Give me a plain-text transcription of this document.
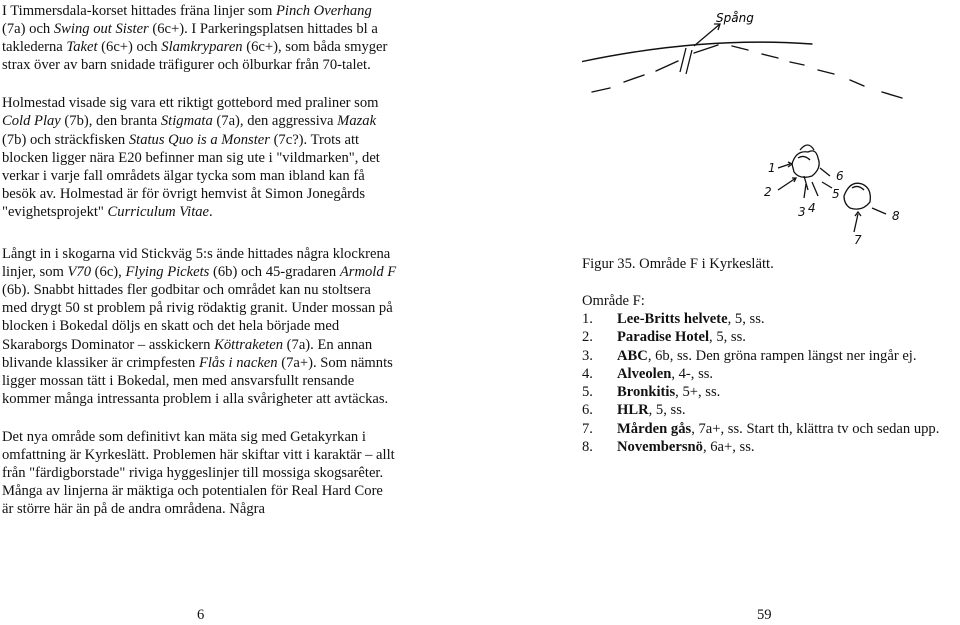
I Timmersdala-korset hittades fräna linjer som Pinch Overhang (7a) och Swing out Sister (6c+). I Parkeringsplatsen hittades bl a taklederna Taket (6c+) och Slamkryparen (6c+), som båda smyger strax över av barn snidade träfigurer och ölburkar från 70-talet.

Holmestad visade sig vara ett riktigt gottebord med praliner som Cold Play (7b), den branta Stigmata (7a), den aggressiva Mazak (7b) och sträckfisken Status Quo is a Monster (7c?). Trots att blocken ligger nära E20 befinner man sig ute i "vildmarken", det verkar i varje fall områdets älgar tycka som man ibland kan få besök av. Holmestad är för övrigt hemvist åt Simon Jonegårds "evighetsprojekt" Curriculum Vitae.

Långt in i skogarna vid Stickväg 5:s ände hittades några klockrena linjer, som V70 (6c), Flying Pickets (6b) och 45-gradaren Armold F (6b). Snabbt hittades fler godbitar och området kan nu stoltsera med drygt 50 st problem på rivig rödaktig granit. Under mossan på blocken i Bokedal döljs en skatt och det hela började med Skaraborgs Dominator – asskickern Köttraketen (7a). En annan blivande klassiker är crimpfesten Flås i nacken (7a+). Som nämnts ligger mossan tätt i Bokedal, men med ansvarsfullt rensande kommer många intressanta problem i alla svårigheter att avtäckas.

Det nya område som definitivt kan mäta sig med Getakyrkan i omfattning är Kyrkeslätt. Problemen här skiftar vitt i karaktär – allt från "färdigborstade" riviga hyggeslinjer till mossiga skogsarêter. Många av linjerna är mäktiga och potentialen för Real Hard Core är större här än på de andra områdena. Några

Spång
1
2
3 4
5
6
7
8
Figur 35. Område F i Kyrkeslätt.
Område F:
1.	Lee-Britts helvete, 5, ss.
2.	Paradise Hotel, 5, ss.
3.	ABC, 6b, ss. Den gröna rampen längst ner ingår ej.
4.	Alveolen, 4-, ss.
5.	Bronkitis, 5+, ss.
6.	HLR, 5, ss.
7.	Mården gås, 7a+, ss. Start th, klättra tv och sedan upp.
8.	Novembersnö, 6a+, ss.
6	59
